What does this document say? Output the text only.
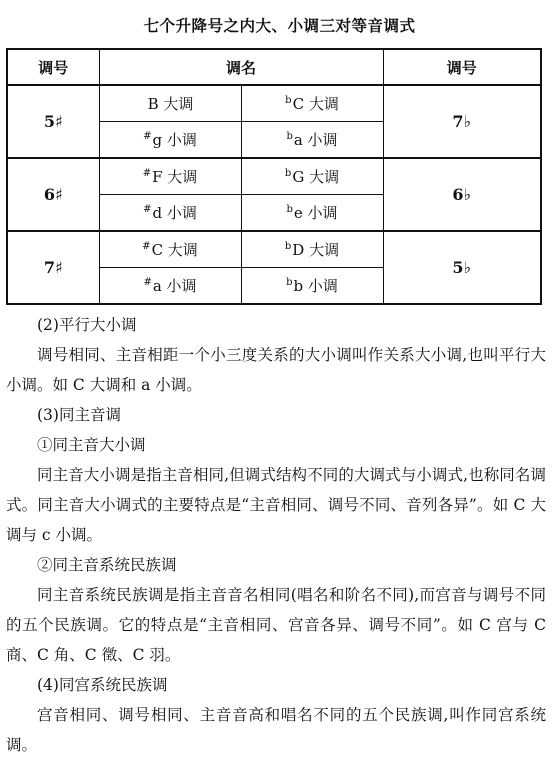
七个升降号之内大、小调三对等音调式
调号	调名		调号
5♯	B 大调	$^b$C 大调	7♭
	#g 小调	$^b$a 小调	
6♯	#F 大调	$^b$G 大调	6♭
	#d 小调	$^b$e 小调	
7♯	#C 大调	$^b$D 大调	5♭
	#a 小调	$^b$b 小调	

(2)平行大小调

调号相同、主音相距一个小三度关系的大小调叫作关系大小调,也叫平行大小调。如 C 大调和 a 小调。

(3)同主音调

①同主音大小调

同主音大小调是指主音相同,但调式结构不同的大调式与小调式,也称同名调式。同主音大小调式的主要特点是“主音相同、调号不同、音列各异”。如 C 大调与 c 小调。

②同主音系统民族调

同主音系统民族调是指主音音名相同(唱名和阶名不同),而宫音与调号不同的五个民族调。它的特点是“主音相同、宫音各异、调号不同”。如 C 宫与 C 商、C 角、C 徵、C 羽。

(4)同宫系统民族调

宫音相同、调号相同、主音音高和唱名不同的五个民族调,叫作同宫系统调。
